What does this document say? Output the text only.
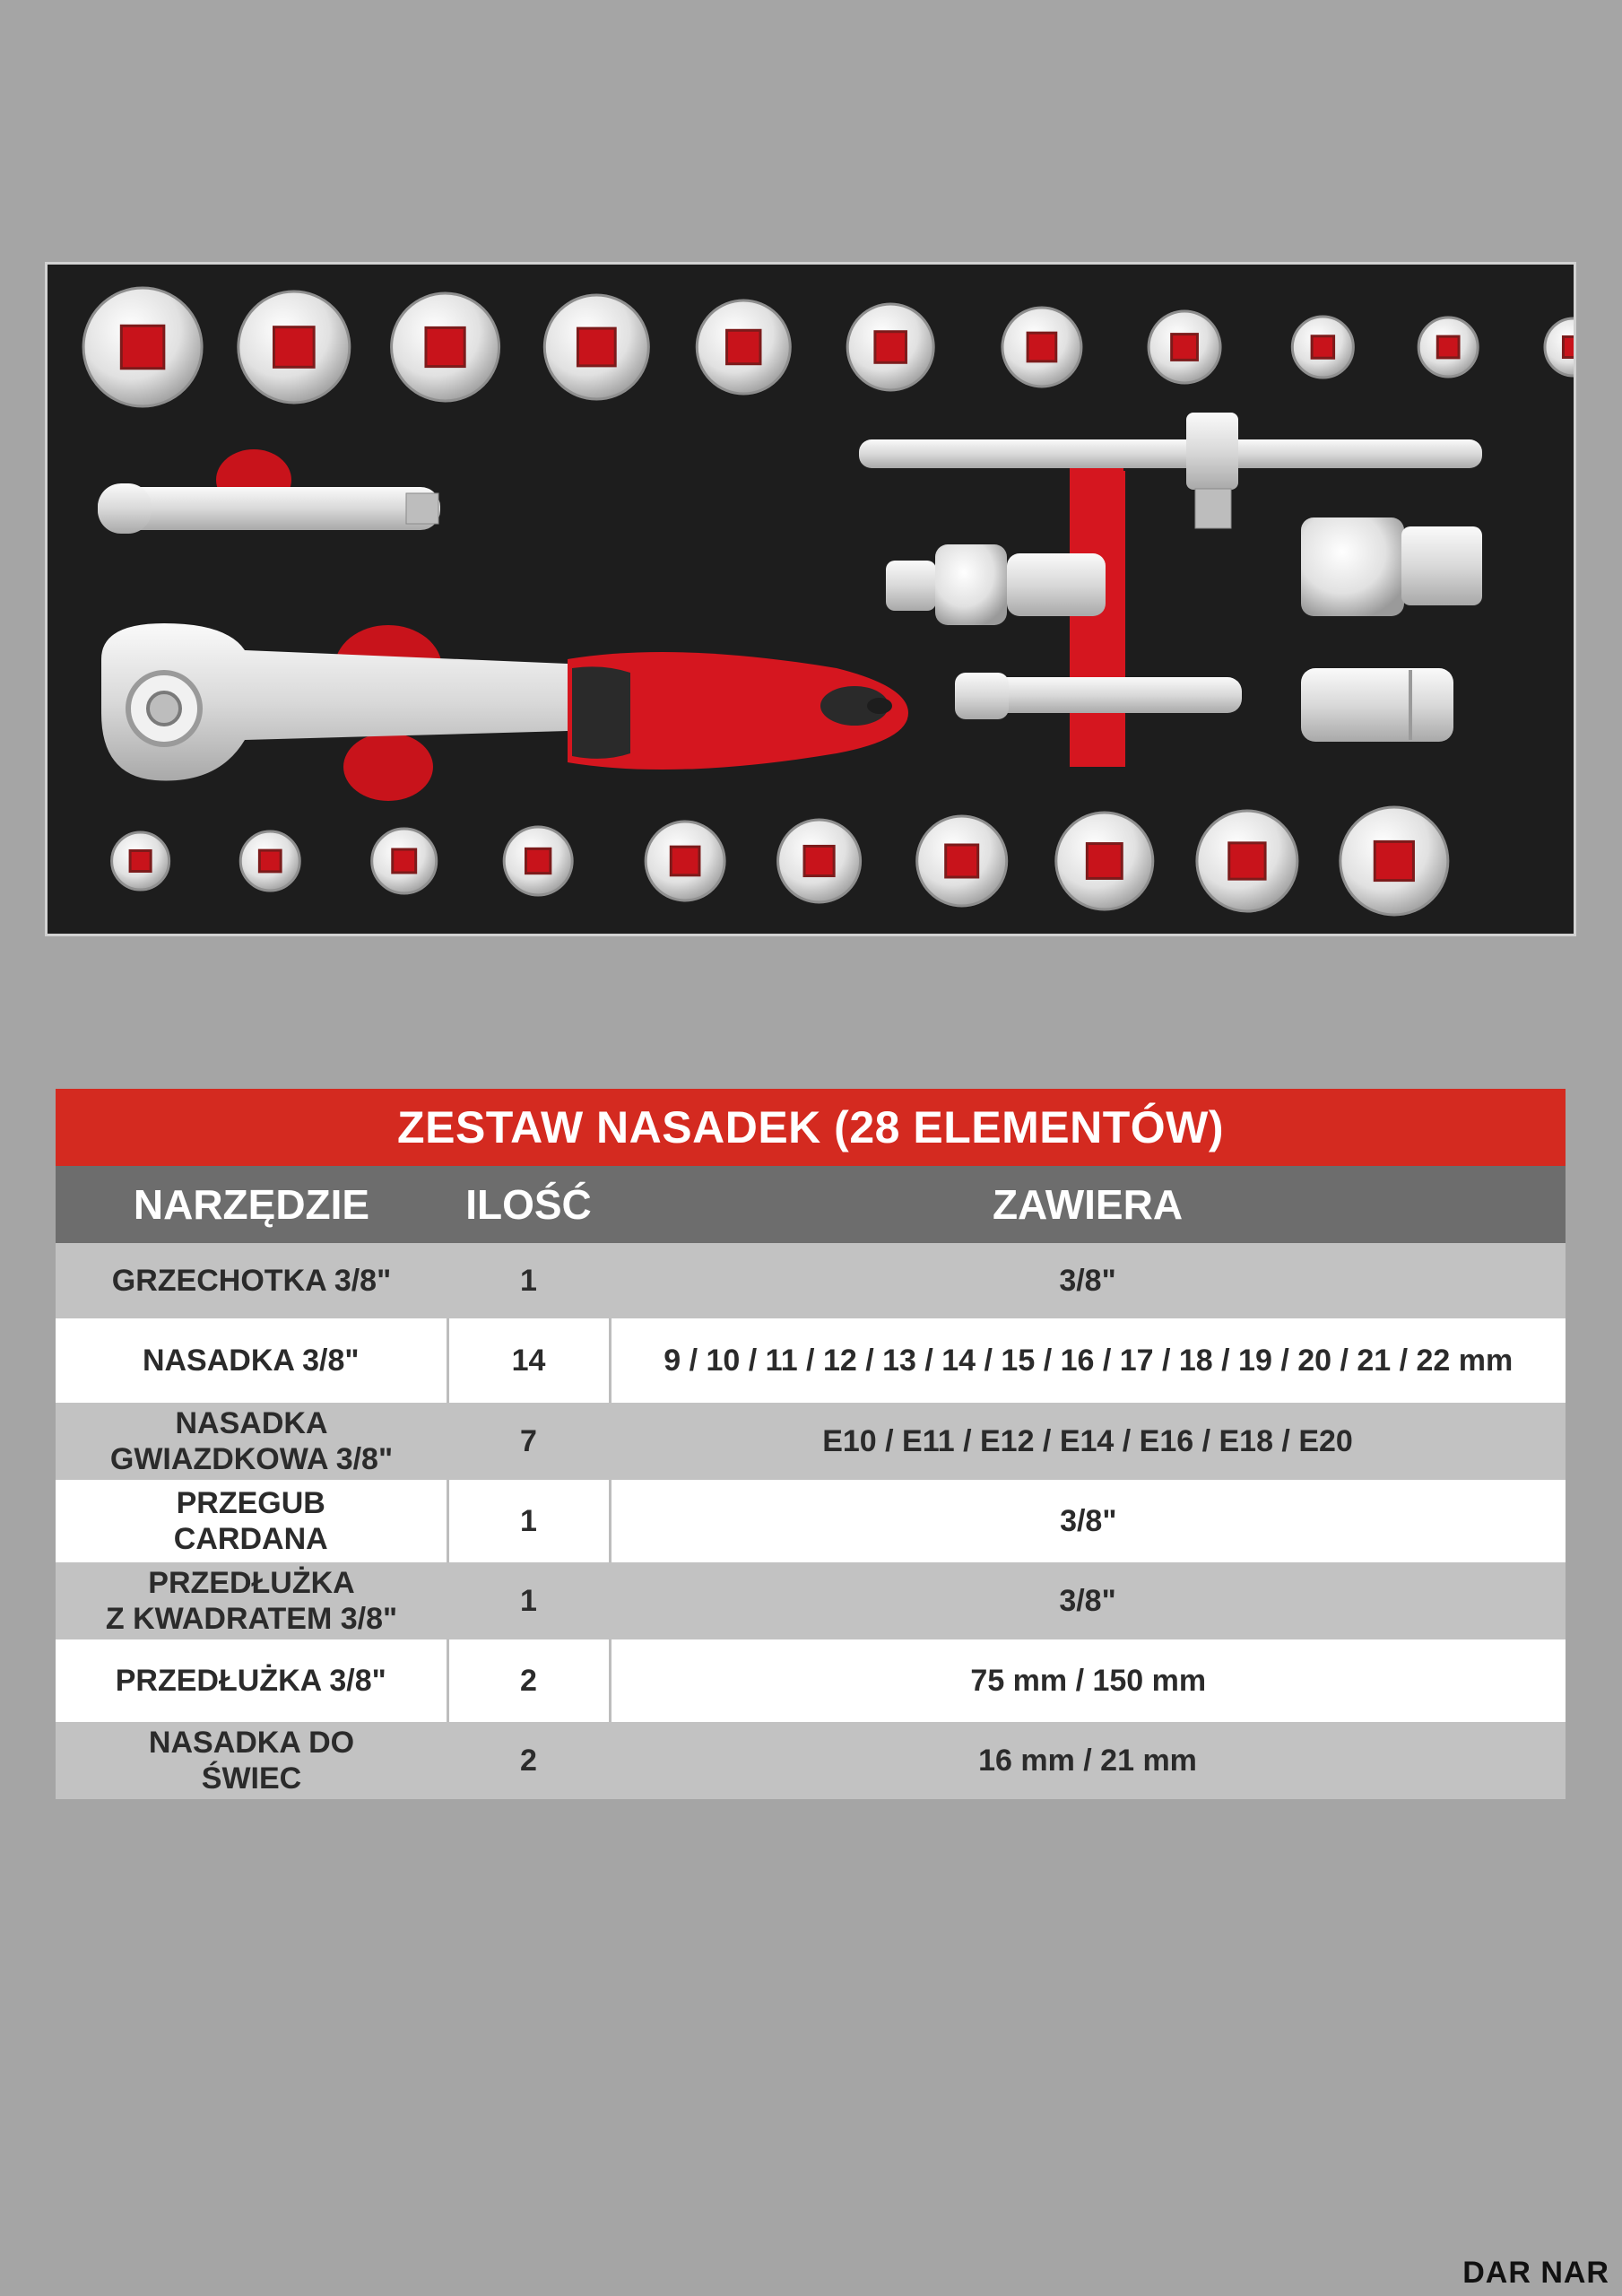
ZESTAW NASADEK (28 ELEMENTÓW)		
NARZĘDZIE	ILOŚĆ	ZAWIERA

GRZECHOTKA 3/8"	1	3/8"

NASADKA 3/8"	14	9 / 10 / 11 / 12 / 13 / 14 / 15 / 16 / 17 / 18 / 19 / 20 / 21 / 22 mm

NASADKA
GWIAZDKOWA 3/8"	7	E10 / E11 / E12 / E14 / E16 / E18 / E20

PRZEGUB
CARDANA	1	3/8"

PRZEDŁUŻKA
Z KWADRATEM 3/8"	1	3/8"

PRZEDŁUŻKA 3/8"	2	75 mm / 150 mm

NASADKA DO
ŚWIEC	2	16 mm / 21 mm
DAR NAR
